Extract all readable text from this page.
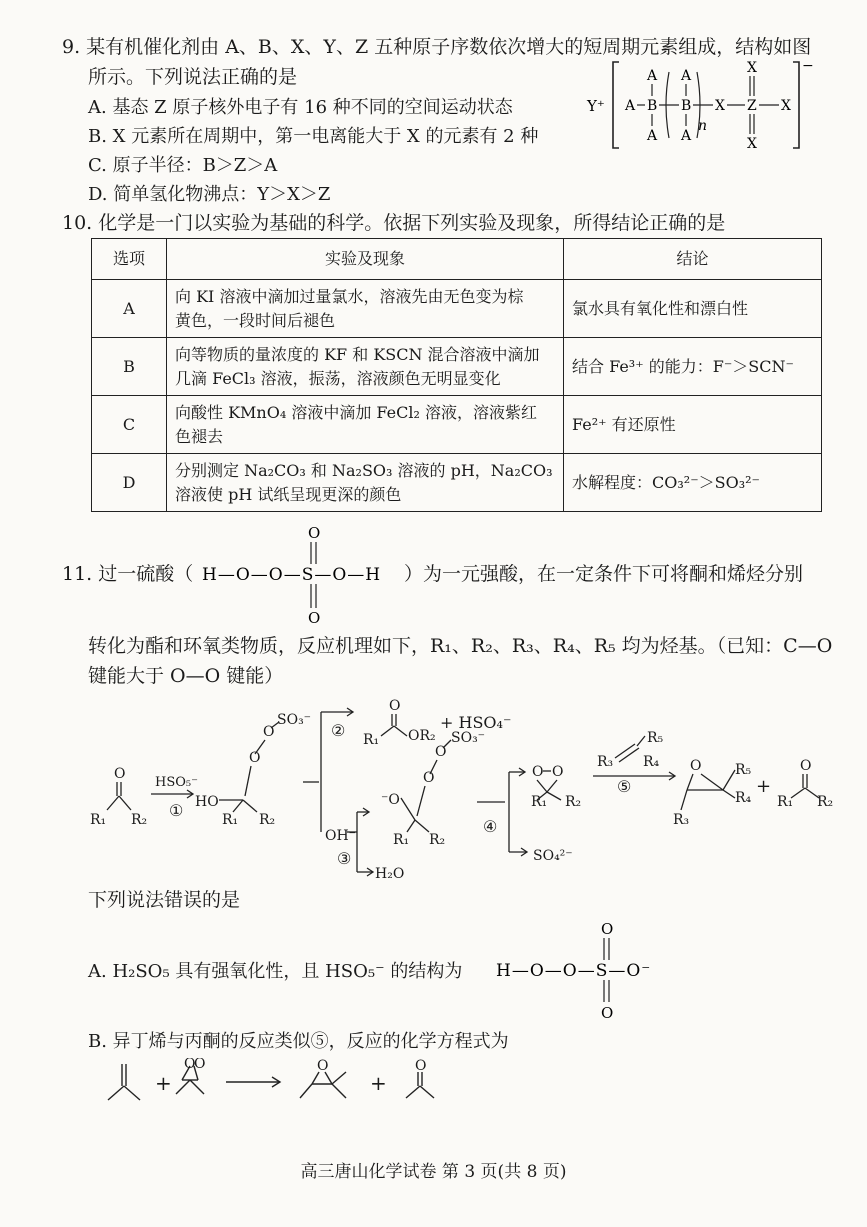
9. 某有机催化剂由 A、B、X、Y、Z 五种原子序数依次增大的短周期元素组成，结构如图
所示。下列说法正确的是
A. 基态 Z 原子核外电子有 16 种不同的空间运动状态
B. X 元素所在周期中，第一电离能大于 X 的元素有 2 种
C. 原子半径：B＞Z＞A
D. 简单氢化物沸点：Y＞X＞Z
Y⁺
−
A
A
B
A
A
B
A
X
X
Z
X
X
n
10. 化学是一门以实验为基础的科学。依据下列实验及现象，所得结论正确的是
选项	实验及现象	结论
A	向 KI 溶液中滴加过量氯水，溶液先由无色变为棕
黄色，一段时间后褪色	氯水具有氧化性和漂白性
B	向等物质的量浓度的 KF 和 KSCN 混合溶液中滴加
几滴 FeCl₃ 溶液，振荡，溶液颜色无明显变化	结合 Fe³⁺ 的能力：F⁻＞SCN⁻
C	向酸性 KMnO₄ 溶液中滴加 FeCl₂ 溶液，溶液紫红
色褪去	Fe²⁺ 有还原性
D	分别测定 Na₂CO₃ 和 Na₂SO₃ 溶液的 pH，Na₂CO₃
溶液使 pH 试纸呈现更深的颜色	水解程度：CO₃²⁻＞SO₃²⁻
11. 过一硫酸（ H—O—O—S—O—H
O
O
）为一元强酸，在一定条件下可将酮和烯烃分别
转化为酯和环氧类物质，反应机理如下，R₁、R₂、R₃、R₄、R₅ 均为烃基。（已知：C—O
键能大于 O—O 键能）
O
R₁ R₂
HSO₅⁻
① HO
R₁ R₂
O
O
SO₃⁻
②
O
R₁ OR₂
+ HSO₄⁻
OH⁻
③
H₂O
⁻O
R₁ R₂
O
O
SO₃⁻
④
SO₄²⁻
O O
R₁ R₂
⑤
R₃ R₄
R₅
O R₅
R₄
R₃
+
O
R₁ R₂
下列说法错误的是
A. H₂SO₅ 具有强氧化性，且 HSO₅⁻ 的结构为 H—O—O—S—O⁻
O
O
B. 异丁烯与丙酮的反应类似⑤，反应的化学方程式为
+
O
O	O
+
O
高三唐山化学试卷 第 3 页(共 8 页)
